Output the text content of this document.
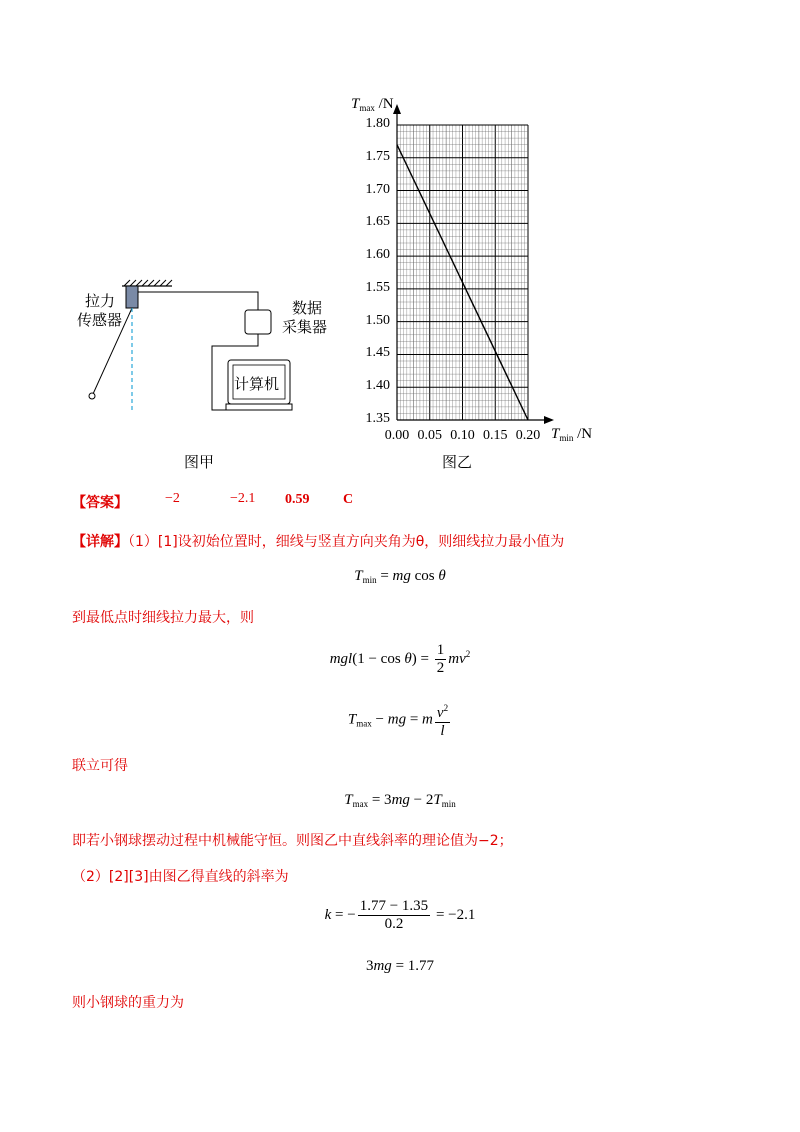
拉力
传感器
数据
采集器
计算机
图甲
$T_{max}$ /N
$T_{min}$ /N
1.80
1.75
1.70
1.65
1.60
1.55
1.50
1.45
1.40
1.35
0.00 0.05 0.10 0.15 0.20
图乙
【答案】	−2	−2.1 0.59 C
【详解】（1）[1]设初始位置时，细线与竖直方向夹角为θ，则细线拉力最小值为
$T_{min}$ = mg cos θ
到最低点时细线拉力最大，则
$mgl(1 - \cos \theta) = \frac{1}{2} mv^2$
$T_{max}$ − mg = m $\frac{v^2}{l}$
联立可得
$T_{max} = 3mg - 2T_{min}$
即若小钢球摆动过程中机械能守恒。则图乙中直线斜率的理论值为−2；
（2）[2][3]由图乙得直线的斜率为
k = − $\frac{1.77 - 1.35}{0.2} = -2.1$
3mg = 1.77
则小钢球的重力为
